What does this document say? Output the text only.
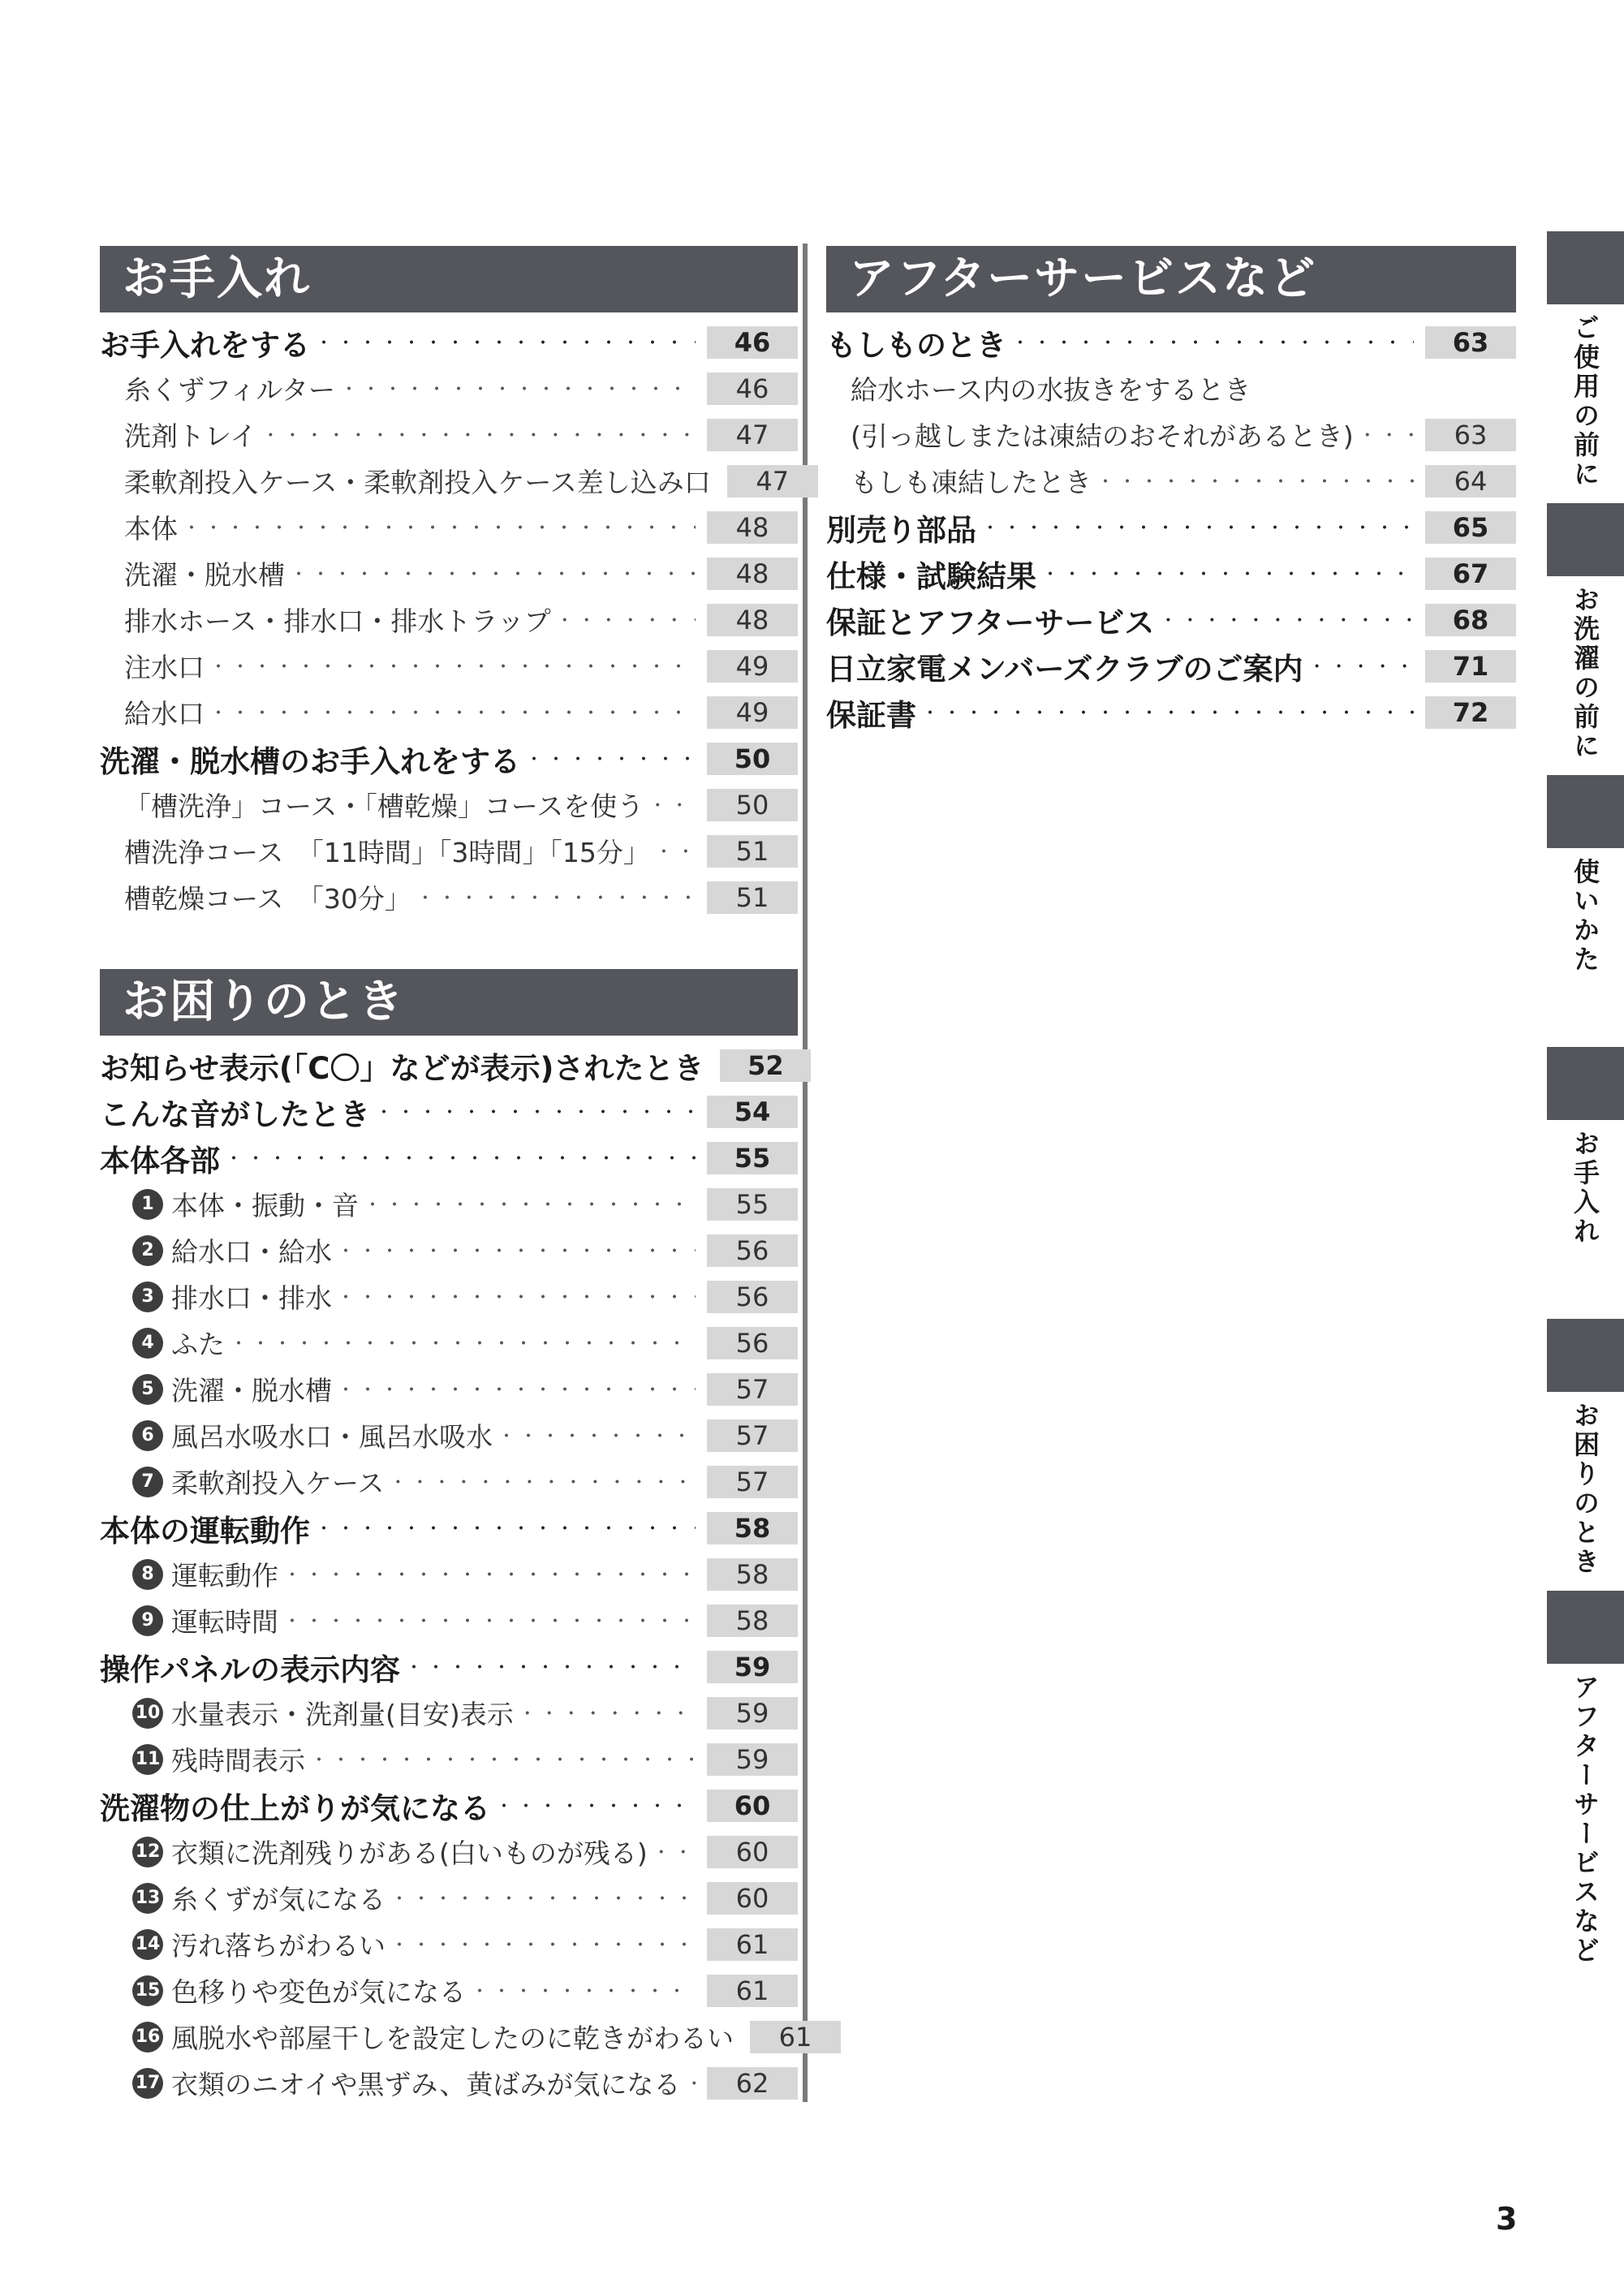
お手入れ
お手入れをする ・・・・・・・・・・・・・・・・・・・・・・・・・・・・・・・・・・・・・・・・・・・・・・・・・・・・・・・・・・・・・・・・・・・	46
糸くずフィルター ・・・・・・・・・・・・・・・・・・・・・・・・・・・・・・・・・・・・・・・・・・・・・・・・・・・・・・・・・・・・・・・・・・・	46
洗剤トレイ ・・・・・・・・・・・・・・・・・・・・・・・・・・・・・・・・・・・・・・・・・・・・・・・・・・・・・・・・・・・・・・・・・・・	47
柔軟剤投入ケース・柔軟剤投入ケース差し込み口	47
本体 ・・・・・・・・・・・・・・・・・・・・・・・・・・・・・・・・・・・・・・・・・・・・・・・・・・・・・・・・・・・・・・・・・・・	48
洗濯・脱水槽 ・・・・・・・・・・・・・・・・・・・・・・・・・・・・・・・・・・・・・・・・・・・・・・・・・・・・・・・・・・・・・・・・・・・	48
排水ホース・排水口・排水トラップ ・・・・・・・・・・・・・・・・・・・・・・・・・・・・・・・・・・・・・・・・・・・・・・・・・・・・・・・・・・・・・・・・・・・	48
注水口 ・・・・・・・・・・・・・・・・・・・・・・・・・・・・・・・・・・・・・・・・・・・・・・・・・・・・・・・・・・・・・・・・・・・	49
給水口 ・・・・・・・・・・・・・・・・・・・・・・・・・・・・・・・・・・・・・・・・・・・・・・・・・・・・・・・・・・・・・・・・・・・	49
洗濯・脱水槽のお手入れをする ・・・・・・・・・・・・・・・・・・・・・・・・・・・・・・・・・・・・・・・・・・・・・・・・・・・・・・・・・・・・・・・・・・・	50
「槽洗浄」コース・「槽乾燥」コースを使う ・・・・・・・・・・・・・・・・・・・・・・・・・・・・・・・・・・・・・・・・・・・・・・・・・・・・・・・・・・・・・・・・・・・	50
槽洗浄コース　「11時間」「3時間」「15分」 ・・・・・・・・・・・・・・・・・・・・・・・・・・・・・・・・・・・・・・・・・・・・・・・・・・・・・・・・・・・・・・・・・・・	51
槽乾燥コース　「30分」 ・・・・・・・・・・・・・・・・・・・・・・・・・・・・・・・・・・・・・・・・・・・・・・・・・・・・・・・・・・・・・・・・・・・	51
お困りのとき
お知らせ表示(「C〇」などが表示)されたとき	52
こんな音がしたとき ・・・・・・・・・・・・・・・・・・・・・・・・・・・・・・・・・・・・・・・・・・・・・・・・・・・・・・・・・・・・・・・・・・・	54
本体各部 ・・・・・・・・・・・・・・・・・・・・・・・・・・・・・・・・・・・・・・・・・・・・・・・・・・・・・・・・・・・・・・・・・・・	55
1 本体・振動・音 ・・・・・・・・・・・・・・・・・・・・・・・・・・・・・・・・・・・・・・・・・・・・・・・・・・・・・・・・・・・・・・・・・・・	55
2 給水口・給水 ・・・・・・・・・・・・・・・・・・・・・・・・・・・・・・・・・・・・・・・・・・・・・・・・・・・・・・・・・・・・・・・・・・・	56
3 排水口・排水 ・・・・・・・・・・・・・・・・・・・・・・・・・・・・・・・・・・・・・・・・・・・・・・・・・・・・・・・・・・・・・・・・・・・	56
4 ふた ・・・・・・・・・・・・・・・・・・・・・・・・・・・・・・・・・・・・・・・・・・・・・・・・・・・・・・・・・・・・・・・・・・・	56
5 洗濯・脱水槽 ・・・・・・・・・・・・・・・・・・・・・・・・・・・・・・・・・・・・・・・・・・・・・・・・・・・・・・・・・・・・・・・・・・・	57
6 風呂水吸水口・風呂水吸水 ・・・・・・・・・・・・・・・・・・・・・・・・・・・・・・・・・・・・・・・・・・・・・・・・・・・・・・・・・・・・・・・・・・・	57
7 柔軟剤投入ケース ・・・・・・・・・・・・・・・・・・・・・・・・・・・・・・・・・・・・・・・・・・・・・・・・・・・・・・・・・・・・・・・・・・・	57
本体の運転動作 ・・・・・・・・・・・・・・・・・・・・・・・・・・・・・・・・・・・・・・・・・・・・・・・・・・・・・・・・・・・・・・・・・・・	58
8 運転動作 ・・・・・・・・・・・・・・・・・・・・・・・・・・・・・・・・・・・・・・・・・・・・・・・・・・・・・・・・・・・・・・・・・・・	58
9 運転時間 ・・・・・・・・・・・・・・・・・・・・・・・・・・・・・・・・・・・・・・・・・・・・・・・・・・・・・・・・・・・・・・・・・・・	58
操作パネルの表示内容 ・・・・・・・・・・・・・・・・・・・・・・・・・・・・・・・・・・・・・・・・・・・・・・・・・・・・・・・・・・・・・・・・・・・	59
10 水量表示・洗剤量(目安)表示 ・・・・・・・・・・・・・・・・・・・・・・・・・・・・・・・・・・・・・・・・・・・・・・・・・・・・・・・・・・・・・・・・・・・	59
11 残時間表示 ・・・・・・・・・・・・・・・・・・・・・・・・・・・・・・・・・・・・・・・・・・・・・・・・・・・・・・・・・・・・・・・・・・・	59
洗濯物の仕上がりが気になる ・・・・・・・・・・・・・・・・・・・・・・・・・・・・・・・・・・・・・・・・・・・・・・・・・・・・・・・・・・・・・・・・・・・	60
12 衣類に洗剤残りがある(白いものが残る) ・・・・・・・・・・・・・・・・・・・・・・・・・・・・・・・・・・・・・・・・・・・・・・・・・・・・・・・・・・・・・・・・・・・	60
13 糸くずが気になる ・・・・・・・・・・・・・・・・・・・・・・・・・・・・・・・・・・・・・・・・・・・・・・・・・・・・・・・・・・・・・・・・・・・	60
14 汚れ落ちがわるい ・・・・・・・・・・・・・・・・・・・・・・・・・・・・・・・・・・・・・・・・・・・・・・・・・・・・・・・・・・・・・・・・・・・	61
15 色移りや変色が気になる ・・・・・・・・・・・・・・・・・・・・・・・・・・・・・・・・・・・・・・・・・・・・・・・・・・・・・・・・・・・・・・・・・・・	61
16 風脱水や部屋干しを設定したのに乾きがわるい	61
17 衣類のニオイや黒ずみ、黄ばみが気になる ・・・・・・・・・・・・・・・・・・・・・・・・・・・・・・・・・・・・・・・・・・・・・・・・・・・・・・・・・・・・・・・・・・・	62
アフターサービスなど
もしものとき ・・・・・・・・・・・・・・・・・・・・・・・・・・・・・・・・・・・・・・・・・・・・・・・・・・・・・・・・・・・・・・・・・・・	63
給水ホース内の水抜きをするとき
(引っ越しまたは凍結のおそれがあるとき) ・・・・・・・・・・・・・・・・・・・・・・・・・・・・・・・・・・・・・・・・・・・・・・・・・・・・・・・・・・・・・・・・・・・	63
もしも凍結したとき ・・・・・・・・・・・・・・・・・・・・・・・・・・・・・・・・・・・・・・・・・・・・・・・・・・・・・・・・・・・・・・・・・・・	64
別売り部品 ・・・・・・・・・・・・・・・・・・・・・・・・・・・・・・・・・・・・・・・・・・・・・・・・・・・・・・・・・・・・・・・・・・・	65
仕様・試験結果 ・・・・・・・・・・・・・・・・・・・・・・・・・・・・・・・・・・・・・・・・・・・・・・・・・・・・・・・・・・・・・・・・・・・	67
保証とアフターサービス ・・・・・・・・・・・・・・・・・・・・・・・・・・・・・・・・・・・・・・・・・・・・・・・・・・・・・・・・・・・・・・・・・・・	68
日立家電メンバーズクラブのご案内 ・・・・・・・・・・・・・・・・・・・・・・・・・・・・・・・・・・・・・・・・・・・・・・・・・・・・・・・・・・・・・・・・・・・	71
保証書 ・・・・・・・・・・・・・・・・・・・・・・・・・・・・・・・・・・・・・・・・・・・・・・・・・・・・・・・・・・・・・・・・・・・	72
ご使用の前に
お洗濯の前に
使いかた
お手入れ
お困りのとき
アフターサービスなど
3
